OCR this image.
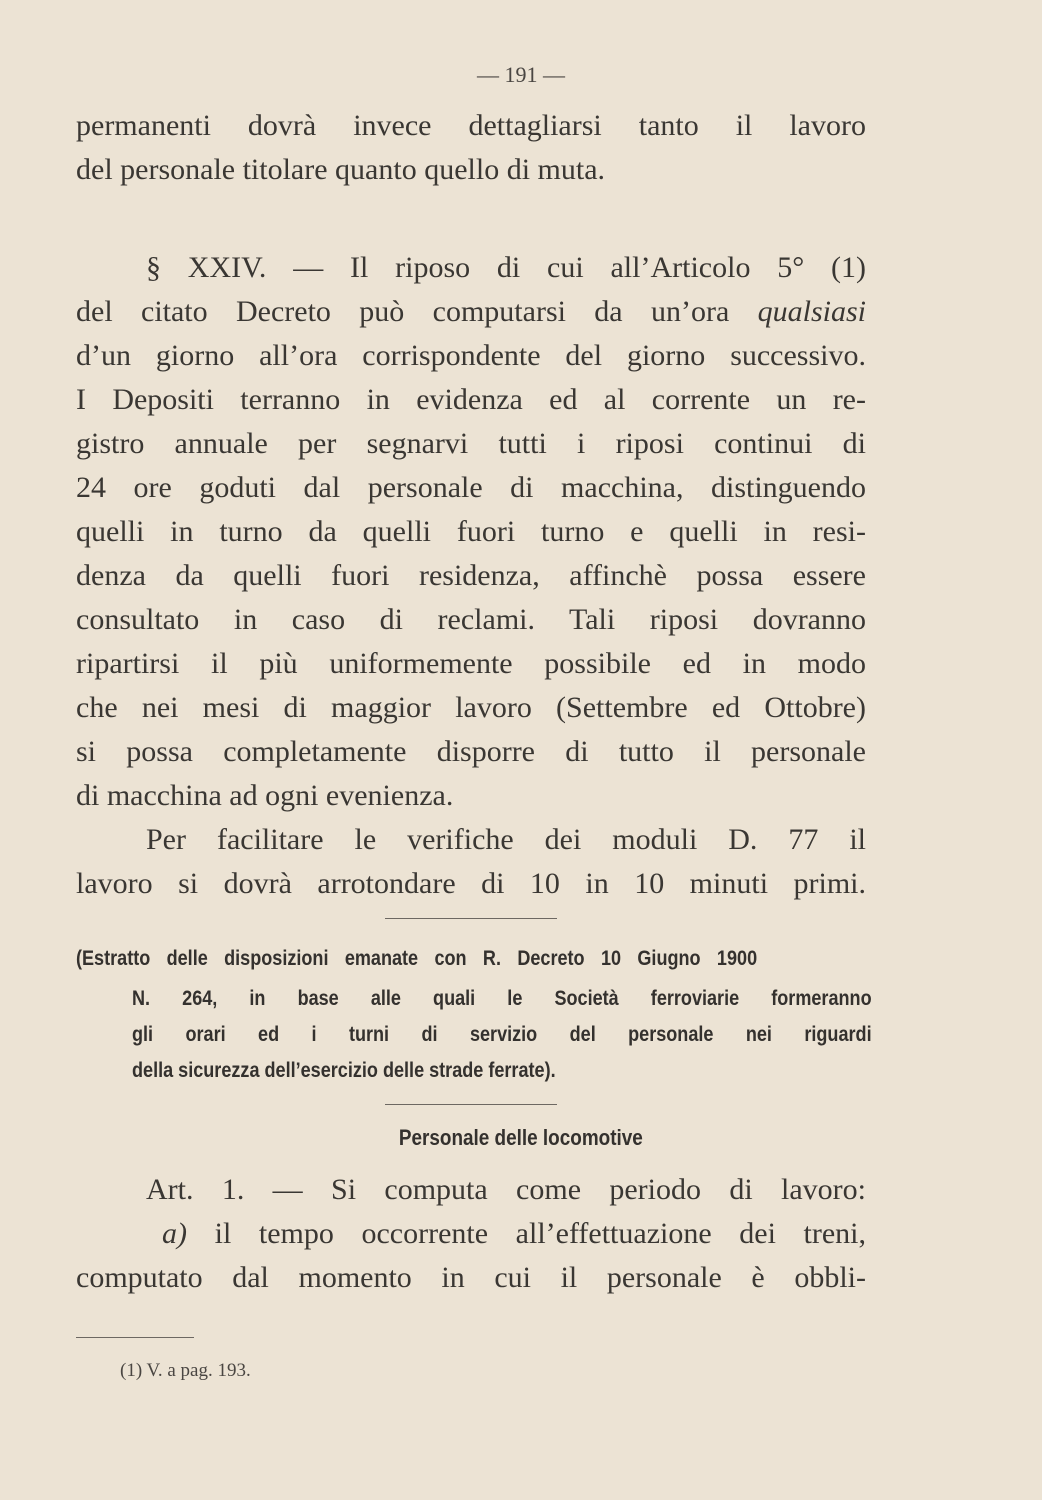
— 191 —
permanenti dovrà invece dettagliarsi tanto il lavoro
del personale titolare quanto quello di muta.
§ XXIV. — Il riposo di cui all’Articolo 5° (1)
del citato Decreto può computarsi da un’ora qualsiasi
d’un giorno all’ora corrispondente del giorno successivo.
I Depositi terranno in evidenza ed al corrente un re-
gistro annuale per segnarvi tutti i riposi continui di
24 ore goduti dal personale di macchina, distinguendo
quelli in turno da quelli fuori turno e quelli in resi-
denza da quelli fuori residenza, affinchè possa essere
consultato in caso di reclami. Tali riposi dovranno
ripartirsi il più uniformemente possibile ed in modo
che nei mesi di maggior lavoro (Settembre ed Ottobre)
si possa completamente disporre di tutto il personale
di macchina ad ogni evenienza.
Per facilitare le verifiche dei moduli D. 77 il
lavoro si dovrà arrotondare di 10 in 10 minuti primi.
(Estratto delle disposizioni emanate con R. Decreto 10 Giugno 1900
N. 264, in base alle quali le Società ferroviarie formeranno
gli orari ed i turni di servizio del personale nei riguardi
della sicurezza dell’esercizio delle strade ferrate).
Personale delle locomotive
Art. 1. — Si computa come periodo di lavoro:
a) il tempo occorrente all’effettuazione dei treni,
computato dal momento in cui il personale è obbli-
(1) V. a pag. 193.
